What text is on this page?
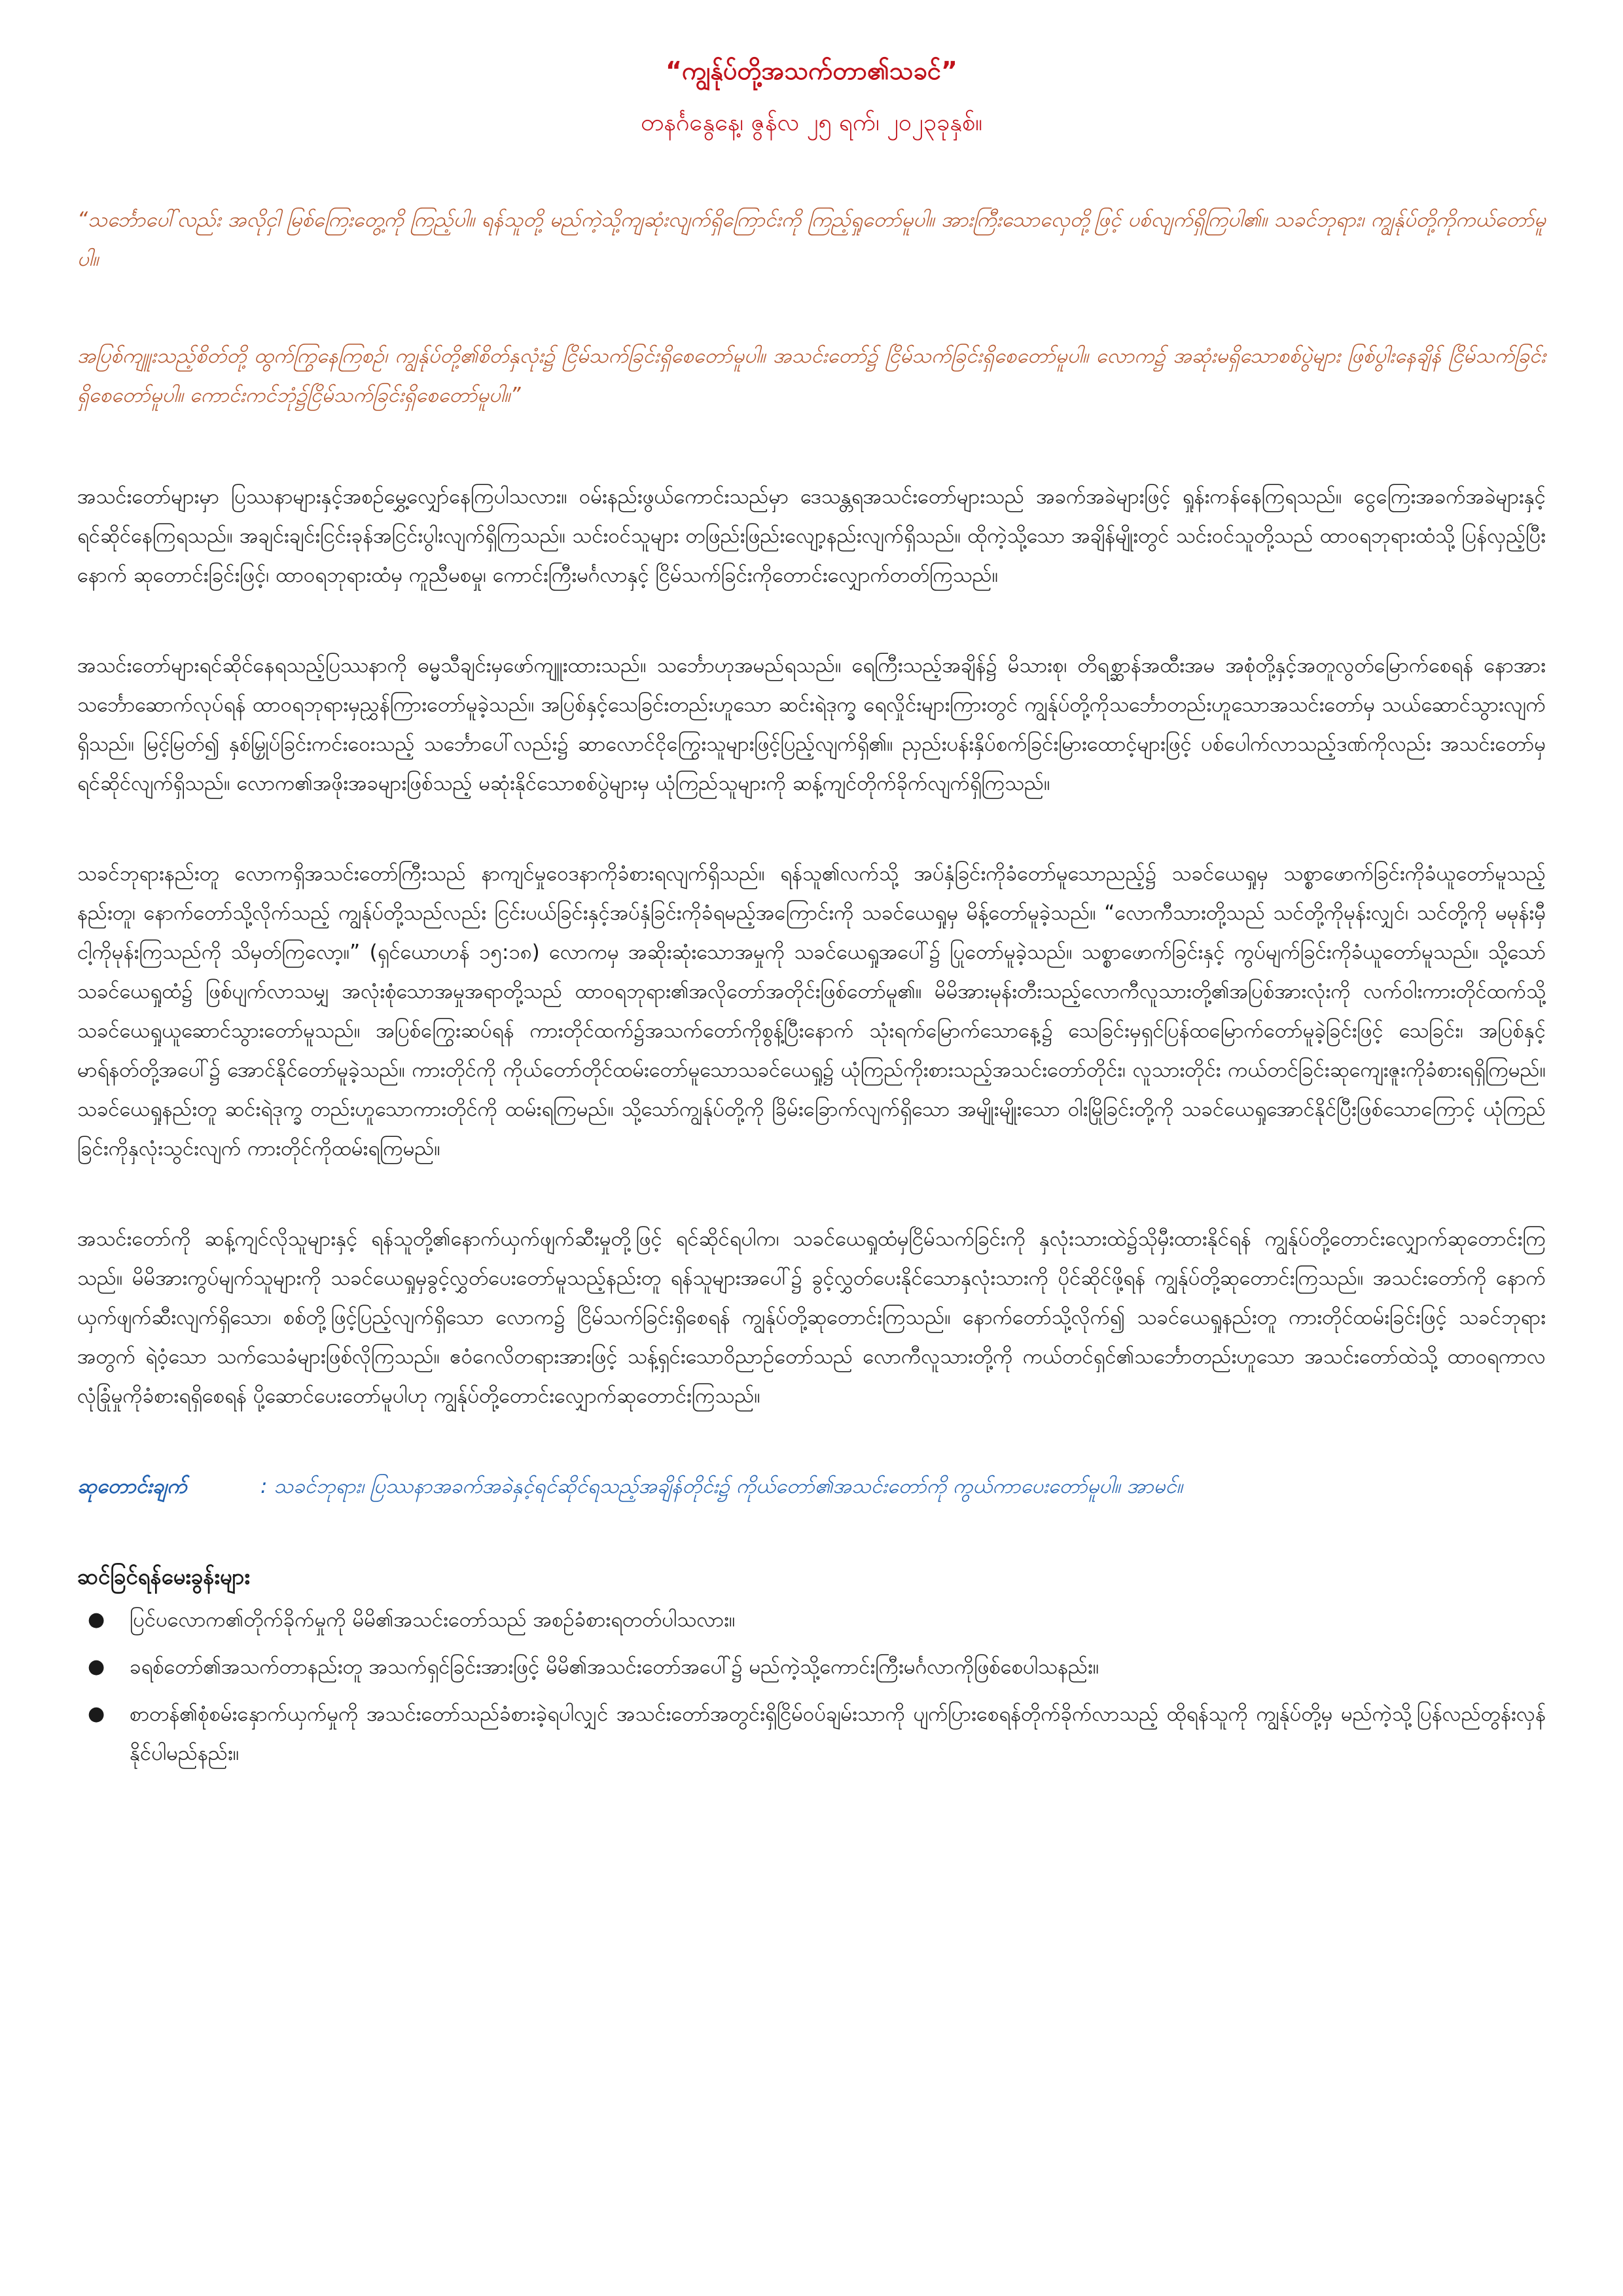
“ကျွန်ုပ်တို့အသက်တာ၏သခင်”

တနင်္ဂနွေနေ့၊ ဇွန်လ ၂၅ ရက်၊ ၂၀၂၃ခုနှစ်။

“သင်္ဘောပေါ်လည်း အလိုငှါ မြစ်ကြေးတွေ့ကို ကြည့်ပါ။ ရန်သူတို့ မည်ကဲ့သို့ကျဆုံးလျက်ရှိကြောင်းကို ကြည့်ရှုတော်မူပါ။ အားကြီးသောလှေတို့ဖြင့် ပစ်လျက်ရှိကြပါ၏။ သခင်ဘုရား၊ ကျွန်ုပ်တို့ကိုကယ်တော်မူပါ။

အပြစ်ကျူးသည့်စိတ်တို့ ထွက်ကြွနေကြစဉ်၊ ကျွန်ုပ်တို့၏စိတ်နှလုံး၌ ငြိမ်သက်ခြင်းရှိစေတော်မူပါ။ အသင်းတော်၌ ငြိမ်သက်ခြင်းရှိစေတော်မူပါ။ လောက၌ အဆုံးမရှိသောစစ်ပွဲများ ဖြစ်ပွါးနေချိန် ငြိမ်သက်ခြင်းရှိစေတော်မူပါ။ ကောင်းကင်ဘုံ၌ငြိမ်သက်ခြင်းရှိစေတော်မူပါ။”

အသင်းတော်များမှာ ပြဿနာများနှင့်အစဉ်မွှေ့လျှော်နေကြပါသလား။ ဝမ်းနည်းဖွယ်ကောင်းသည်မှာ ဒေသန္တရအသင်းတော်များသည် အခက်အခဲများဖြင့် ရှုန်းကန်နေကြရသည်။ ငွေကြေးအခက်အခဲများနှင့်ရင်ဆိုင်နေကြရသည်။ အချင်းချင်းငြင်းခုန်အငြင်းပွါးလျက်ရှိကြသည်။ သင်းဝင်သူများ တဖြည်းဖြည်းလျော့နည်းလျက်ရှိသည်။ ထိုကဲ့သို့သော အချိန်မျိုးတွင် သင်းဝင်သူတို့သည် ထာဝရဘုရားထံသို့ ပြန်လှည့်ပြီးနောက် ဆုတောင်းခြင်းဖြင့်၊ ထာဝရဘုရားထံမှ ကူညီမစမှု၊ ကောင်းကြီးမင်္ဂလာနှင့် ငြိမ်သက်ခြင်းကိုတောင်းလျှောက်တတ်ကြသည်။

အသင်းတော်များရင်ဆိုင်နေရသည့်ပြဿနာကို ဓမ္မသီချင်းမှဖော်ကျူးထားသည်။ သင်္ဘောဟုအမည်ရသည်။ ရေကြီးသည့်အချိန်၌ မိသားစု၊ တိရစ္ဆာန်အထီးအမ အစုံတို့နှင့်အတူလွတ်မြောက်စေရန် နောအားသင်္ဘောဆောက်လုပ်ရန် ထာဝရဘုရားမှညွှန်ကြားတော်မူခဲ့သည်။ အပြစ်နှင့်သေခြင်းတည်းဟူသော ဆင်းရဲဒုက္ခ ရေလှိုင်းများကြားတွင် ကျွန်ုပ်တို့ကိုသင်္ဘောတည်းဟူသောအသင်းတော်မှ သယ်ဆောင်သွားလျက်ရှိသည်။ မြင့်မြတ်၍ နှစ်မြှုပ်ခြင်းကင်းဝေးသည့် သင်္ဘောပေါ်လည်း၌ ဆာလောင်ငိုကြွေးသူများဖြင့်ပြည့်လျက်ရှိ၏။ ညှည်းပန်းနှိပ်စက်ခြင်းမြားထောင့်များဖြင့် ပစ်ပေါက်လာသည့်ဒဏ်ကိုလည်း အသင်းတော်မှ ရင်ဆိုင်လျက်ရှိသည်။ လောက၏အဖိုးအခများဖြစ်သည့် မဆုံးနိုင်သောစစ်ပွဲများမှ ယုံကြည်သူများကို ဆန့်ကျင်တိုက်ခိုက်လျက်ရှိကြသည်။

သခင်ဘုရားနည်းတူ လောကရှိအသင်းတော်ကြီးသည် နာကျင်မှုဝေဒနာကိုခံစားရလျက်ရှိသည်။ ရန်သူ၏လက်သို့ အပ်နှံခြင်းကိုခံတော်မူသောညည့်၌ သခင်ယေရှုမှ သစ္စာဖောက်ခြင်းကိုခံယူတော်မူသည့်နည်းတူ၊ နောက်တော်သို့လိုက်သည့် ကျွန်ုပ်တို့သည်လည်း ငြင်းပယ်ခြင်းနှင့်အပ်နှံခြင်းကိုခံရမည့်အကြောင်းကို သခင်ယေရှုမှ မိန့်တော်မူခဲ့သည်။ “လောကီသားတို့သည် သင်တို့ကိုမုန်းလျှင်၊ သင်တို့ကို မမုန်းမှီ ငါ့ကိုမုန်းကြသည်ကို သိမှတ်ကြလော့။” (ရှင်ယောဟန် ၁၅:၁၈) လောကမှ အဆိုးဆုံးသောအမှုကို သခင်ယေရှုအပေါ်၌ ပြုတော်မူခဲ့သည်။ သစ္စာဖောက်ခြင်းနှင့် ကွပ်မျက်ခြင်းကိုခံယူတော်မူသည်။ သို့သော် သခင်ယေရှုထံ၌ ဖြစ်ပျက်လာသမျှ အလုံးစုံသောအမှုအရာတို့သည် ထာဝရဘုရား၏အလိုတော်အတိုင်းဖြစ်တော်မူ၏။ မိမိအားမုန်းတီးသည့်လောကီလူသားတို့၏အပြစ်အားလုံးကို လက်ဝါးကားတိုင်ထက်သို့ သခင်ယေရှုယူဆောင်သွားတော်မူသည်။ အပြစ်ကြွေးဆပ်ရန် ကားတိုင်ထက်၌အသက်တော်ကိုစွန့်ပြီးနောက် သုံးရက်မြောက်သောနေ့၌ သေခြင်းမှရှင်ပြန်ထမြောက်တော်မူခဲ့ခြင်းဖြင့် သေခြင်း၊ အပြစ်နှင့်မာရ်နတ်တို့အပေါ်၌ အောင်နိုင်တော်မူခဲ့သည်။ ကားတိုင်ကို ကိုယ်တော်တိုင်ထမ်းတော်မူသောသခင်ယေရှု၌ ယုံကြည်ကိုးစားသည့်အသင်းတော်တိုင်း၊ လူသားတိုင်း ကယ်တင်ခြင်းဆုကျေးဇူးကိုခံစားရရှိကြမည်။ သခင်ယေရှုနည်းတူ ဆင်းရဲဒုက္ခ တည်းဟူသောကားတိုင်ကို ထမ်းရကြမည်။ သို့သော်ကျွန်ုပ်တို့ကို ခြိမ်းခြောက်လျက်ရှိသော အမျိုးမျိုးသော ဝါးမြိုခြင်းတို့ကို သခင်ယေရှုအောင်နိုင်ပြီးဖြစ်သောကြောင့် ယုံကြည်ခြင်းကိုနှလုံးသွင်းလျက် ကားတိုင်ကိုထမ်းရကြမည်။

အသင်းတော်ကို ဆန့်ကျင်လိုသူများနှင့် ရန်သူတို့၏နောက်ယှက်ဖျက်ဆီးမှုတို့ဖြင့် ရင်ဆိုင်ရပါက၊ သခင်ယေရှုထံမှငြိမ်သက်ခြင်းကို နှလုံးသားထဲ၌သိုမှီးထားနိုင်ရန် ကျွန်ုပ်တို့တောင်းလျှောက်ဆုတောင်းကြသည်။ မိမိအားကွပ်မျက်သူများကို သခင်ယေရှုမှခွင့်လွှတ်ပေးတော်မူသည့်နည်းတူ ရန်သူများအပေါ်၌ ခွင့်လွှတ်ပေးနိုင်သောနှလုံးသားကို ပိုင်ဆိုင်ဖို့ရန် ကျွန်ုပ်တို့ဆုတောင်းကြသည်။ အသင်းတော်ကို နောက်ယှက်ဖျက်ဆီးလျက်ရှိသော၊ စစ်တို့ဖြင့်ပြည့်လျက်ရှိသော လောက၌ ငြိမ်သက်ခြင်းရှိစေရန် ကျွန်ုပ်တို့ဆုတောင်းကြသည်။ နောက်တော်သို့လိုက်၍ သခင်ယေရှုနည်းတူ ကားတိုင်ထမ်းခြင်းဖြင့် သခင်ဘုရားအတွက် ရဲဝံ့သော သက်သေခံများဖြစ်လိုကြသည်။ ဧဝံဂေလိတရားအားဖြင့် သန့်ရှင်းသောဝိညာဉ်တော်သည် လောကီလူသားတို့ကို ကယ်တင်ရှင်၏သင်္ဘောတည်းဟူသော အသင်းတော်ထဲသို့ ထာဝရကာလလုံခြုံမှုကိုခံစားရရှိစေရန် ပို့ဆောင်ပေးတော်မူပါဟု ကျွန်ုပ်တို့တောင်းလျှောက်ဆုတောင်းကြသည်။

ဆုတောင်းချက်	: သခင်ဘုရား၊ ပြဿနာအခက်အခဲနှင့်ရင်ဆိုင်ရသည့်အချိန်တိုင်း၌ ကိုယ်တော်၏အသင်းတော်ကို ကွယ်ကာပေးတော်မူပါ။ အာမင်။
ဆင်ခြင်ရန်မေးခွန်းများ
● ပြင်ပလောက၏တိုက်ခိုက်မှုကို မိမိ၏အသင်းတော်သည် အစဉ်ခံစားရတတ်ပါသလား။
● ခရစ်တော်၏အသက်တာနည်းတူ အသက်ရှင်ခြင်းအားဖြင့် မိမိ၏အသင်းတော်အပေါ်၌ မည်ကဲ့သို့ကောင်းကြီးမင်္ဂလာကိုဖြစ်စေပါသနည်း။
● စာတန်၏စုံစမ်းနှောက်ယှက်မှုကို အသင်းတော်သည်ခံစားခဲ့ရပါလျှင် အသင်းတော်အတွင်းရှိငြိမ်ဝပ်ချမ်းသာကို ပျက်ပြားစေရန်တိုက်ခိုက်လာသည့် ထိုရန်သူကို ကျွန်ုပ်တို့မှ မည်ကဲ့သို့ပြန်လည်တွန်းလှန်နိုင်ပါမည်နည်း။
